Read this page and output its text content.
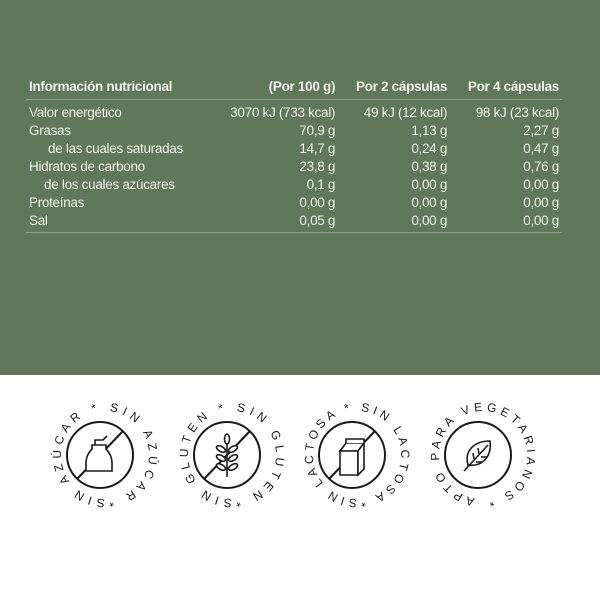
Información nutricional	(Por 100 g)	Por 2 cápsulas	Por 4 cápsulas

Valor energético	3070 kJ (733 kcal)	49 kJ (12 kcal)	98 kJ (23 kcal)
Grasas	70,9 g	1,13 g	2,27 g
de las cuales saturadas	14,7 g	0,24 g	0,47 g
Hidratos de carbono	23,8 g	0,38 g	0,76 g
de los cuales azúcares	0,1 g	0,00 g	0,00 g
Proteínas	0,00 g	0,00 g	0,00 g
Sal	0,05 g	0,00 g	0,00 g
SIN AZÚCAR * SIN AZÚCAR *	SIN GLUTEN * SIN GLUTEN *	SIN LACTOSA * SIN LACTOSA *	APTO PARA VEGETARIANOS *
